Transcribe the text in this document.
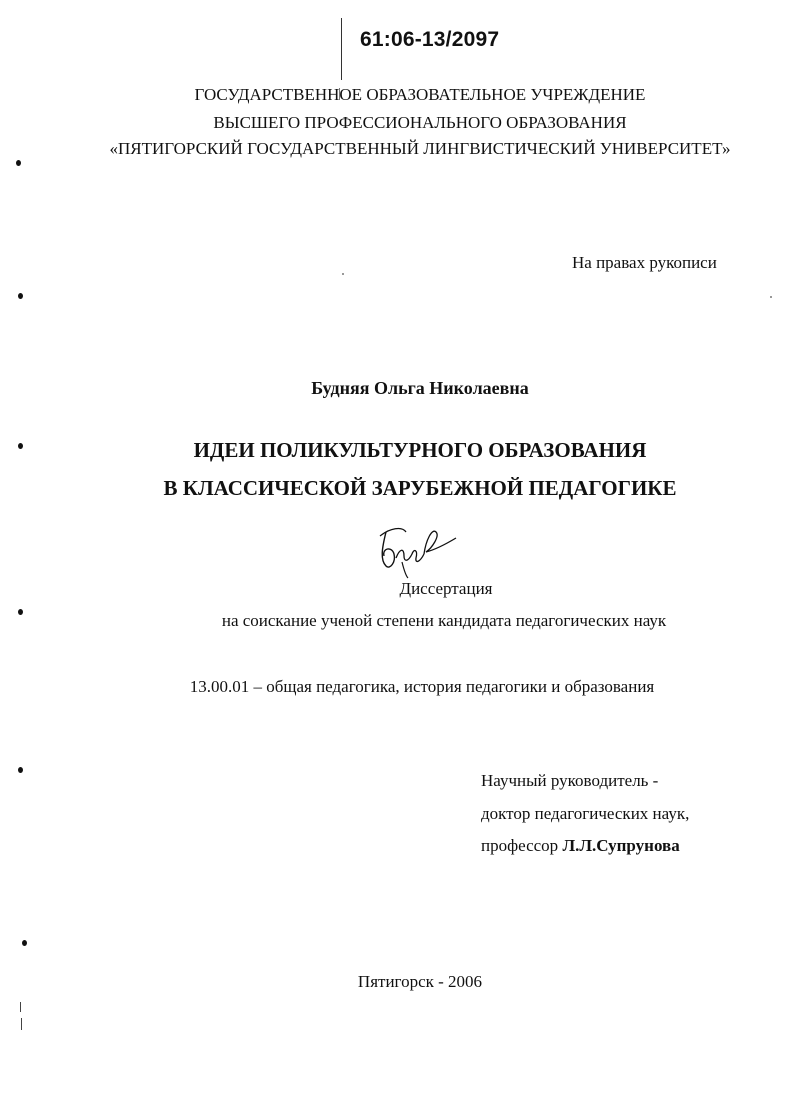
61:06-13/2097
ГОСУДАРСТВЕННОЕ ОБРАЗОВАТЕЛЬНОЕ УЧРЕЖДЕНИЕ
ВЫСШЕГО ПРОФЕССИОНАЛЬНОГО ОБРАЗОВАНИЯ
«ПЯТИГОРСКИЙ ГОСУДАРСТВЕННЫЙ ЛИНГВИСТИЧЕСКИЙ УНИВЕРСИТЕТ»
На правах рукописи
Будняя Ольга Николаевна
ИДЕИ ПОЛИКУЛЬТУРНОГО ОБРАЗОВАНИЯ
В КЛАССИЧЕСКОЙ ЗАРУБЕЖНОЙ ПЕДАГОГИКЕ
Диссертация
на соискание ученой степени кандидата педагогических наук
13.00.01 – общая педагогика, история педагогики и образования
Научный руководитель -
доктор педагогических наук,
профессор Л.Л.Супрунова
Пятигорск - 2006
